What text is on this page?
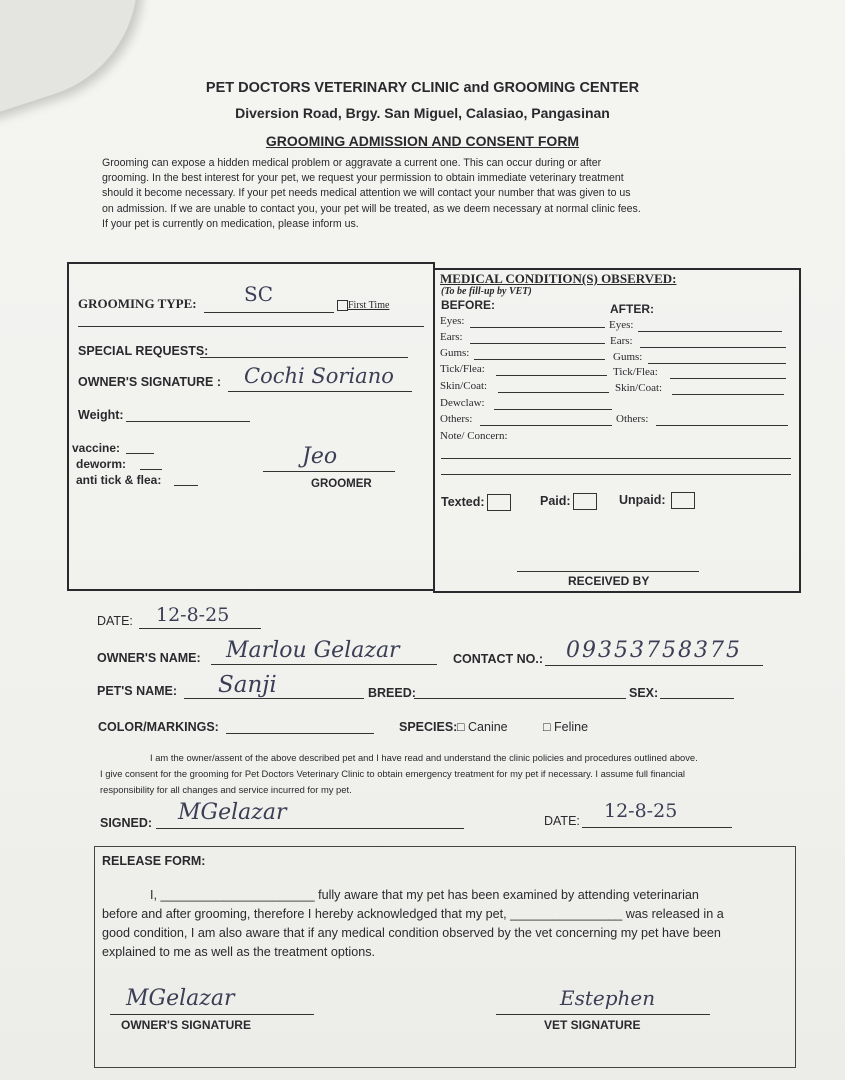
PET DOCTORS VETERINARY CLINIC and GROOMING CENTER
Diversion Road, Brgy. San Miguel, Calasiao, Pangasinan
GROOMING ADMISSION AND CONSENT FORM

Grooming can expose a hidden medical problem or aggravate a current one. This can occur during or after

grooming. In the best interest for your pet, we request your permission to obtain immediate veterinary treatment

should it become necessary. If your pet needs medical attention we will contact your number that was given to us

on admission. If we are unable to contact you, your pet will be treated, as we deem necessary at normal clinic fees.

If your pet is currently on medication, please inform us.

GROOMING TYPE: SC	First Time
SPECIAL REQUESTS:
OWNER'S SIGNATURE : Cochi Soriano
Weight:
vaccine:
deworm:
anti tick & flea:
Jeo
GROOMER
MEDICAL CONDITION(S) OBSERVED:
(To be fill-up by VET)
BEFORE:	AFTER:
Eyes:	Eyes:
Ears:	Ears:
Gums:	Gums:
Tick/Flea:	Tick/Flea:
Skin/Coat:	Skin/Coat:
Dewclaw:
Others:	Others:
Note/ Concern:
Texted:	Paid:	Unpaid:
RECEIVED BY
DATE: 12-8-25
OWNER'S NAME: Marlou Gelazar	CONTACT NO.: 09353758375
PET'S NAME: Sanji	BREED:	SEX:
COLOR/MARKINGS:	SPECIES: □ Canine	□ Feline
I am the owner/assent of the above described pet and I have read and understand the clinic policies and procedures outlined above.
I give consent for the grooming for Pet Doctors Veterinary Clinic to obtain emergency treatment for my pet if necessary. I assume full financial
responsibility for all changes and service incurred for my pet.
SIGNED: MGelazar	DATE: 12-8-25
RELEASE FORM:

I, ______________________ fully aware that my pet has been examined by attending veterinarian

before and after grooming, therefore I hereby acknowledged that my pet, ________________ was released in a

good condition, I am also aware that if any medical condition observed by the vet concerning my pet have been

explained to me as well as the treatment options.

MGelazar
OWNER'S SIGNATURE
Estephen
VET SIGNATURE
